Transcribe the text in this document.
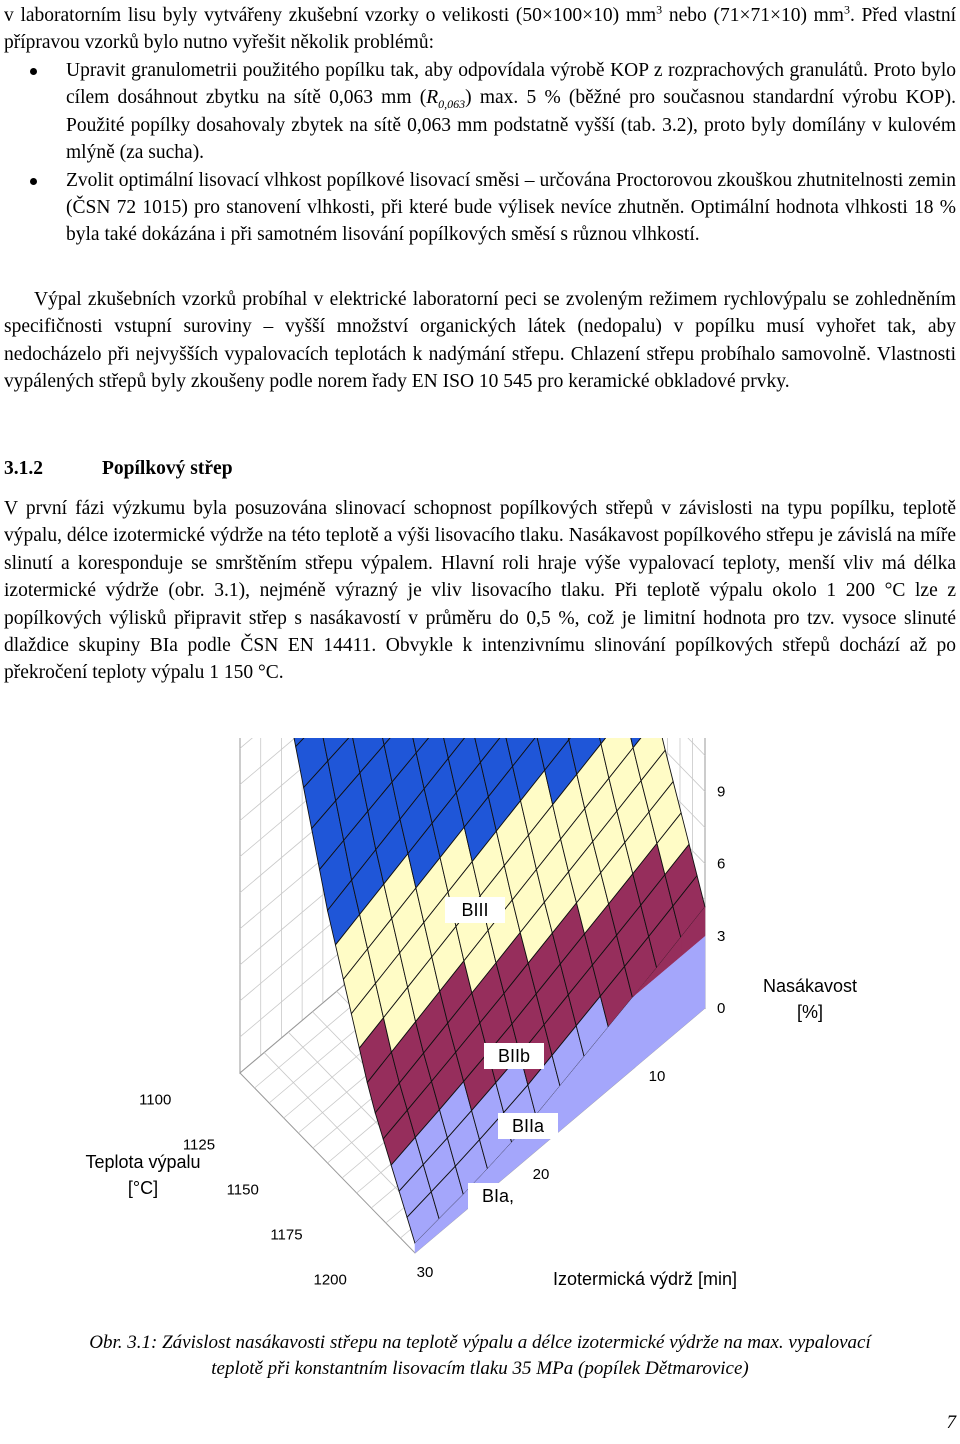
v laboratorním lisu byly vytvářeny zkušební vzorky o velikosti (50×100×10) $mm^3$ nebo (71×71×10) $mm^3$. Před vlastní přípravou vzorků bylo nutno vyřešit několik problémů:

Upravit granulometrii použitého popílku tak, aby odpovídala výrobě KOP z rozprachových granulátů. Proto bylo cílem dosáhnout zbytku na sítě 0,063 mm $(R_{0,063})$ max. 5 % (běžné pro současnou standardní výrobu KOP). Použité popílky dosahovaly zbytek na sítě 0,063 mm podstatně vyšší (tab. 3.2), proto byly domílány v kulovém mlýně (za sucha).
Zvolit optimální lisovací vlhkost popílkové lisovací směsi – určována Proctorovou zkouškou zhutnitelnosti zemin (ČSN 72 1015) pro stanovení vlhkosti, při které bude výlisek nevíce zhutněn. Optimální hodnota vlhkosti 18 % byla také dokázána i při samotném lisování popílkových směsí s různou vlhkostí.

Výpal zkušebních vzorků probíhal v elektrické laboratorní peci se zvoleným režimem rychlovýpalu se zohledněním specifičnosti vstupní suroviny – vyšší množství organických látek (nedopalu) v popílku musí vyhořet tak, aby nedocházelo při nejvyšších vypalovacích teplotách k nadýmání střepu. Chlazení střepu probíhalo samovolně. Vlastnosti vypálených střepů byly zkoušeny podle norem řady EN ISO 10 545 pro keramické obkladové prvky.

3.1.2	Popílkový střep

V první fázi výzkumu byla posuzována slinovací schopnost popílkových střepů v závislosti na typu popílku, teplotě výpalu, délce izotermické výdrže na této teplotě a výši lisovacího tlaku. Nasákavost popílkového střepu je závislá na míře slinutí a koresponduje se smrštěním střepu výpalem. Hlavní roli hraje výše vypalovací teploty, menší vliv má délka izotermické výdrže (obr. 3.1), nejméně výrazný je vliv lisovacího tlaku. Při teplotě výpalu okolo 1 200 °C lze z popílkových výlisků připravit střep s nasákavostí v průměru do 0,5 %, což je limitní hodnota pro tzv. vysoce slinuté dlaždice skupiny BIa podle ČSN EN 14411. Obvykle k intenzivnímu slinování popílkových střepů dochází až po překročení teploty výpalu 1 150 °C.

0
3
6
9
1100
1125
1150
1175
1200
10
20
30
Nasákavost
[%]
Teplota výpalu
[°C]
Izotermická výdrž [min]
BIII
BIIb
BIIa
BIa,
Obr. 3.1: Závislost nasákavosti střepu na teplotě výpalu a délce izotermické výdrže na max. vypalovací
teplotě při konstantním lisovacím tlaku 35 MPa (popílek Dětmarovice)
7
